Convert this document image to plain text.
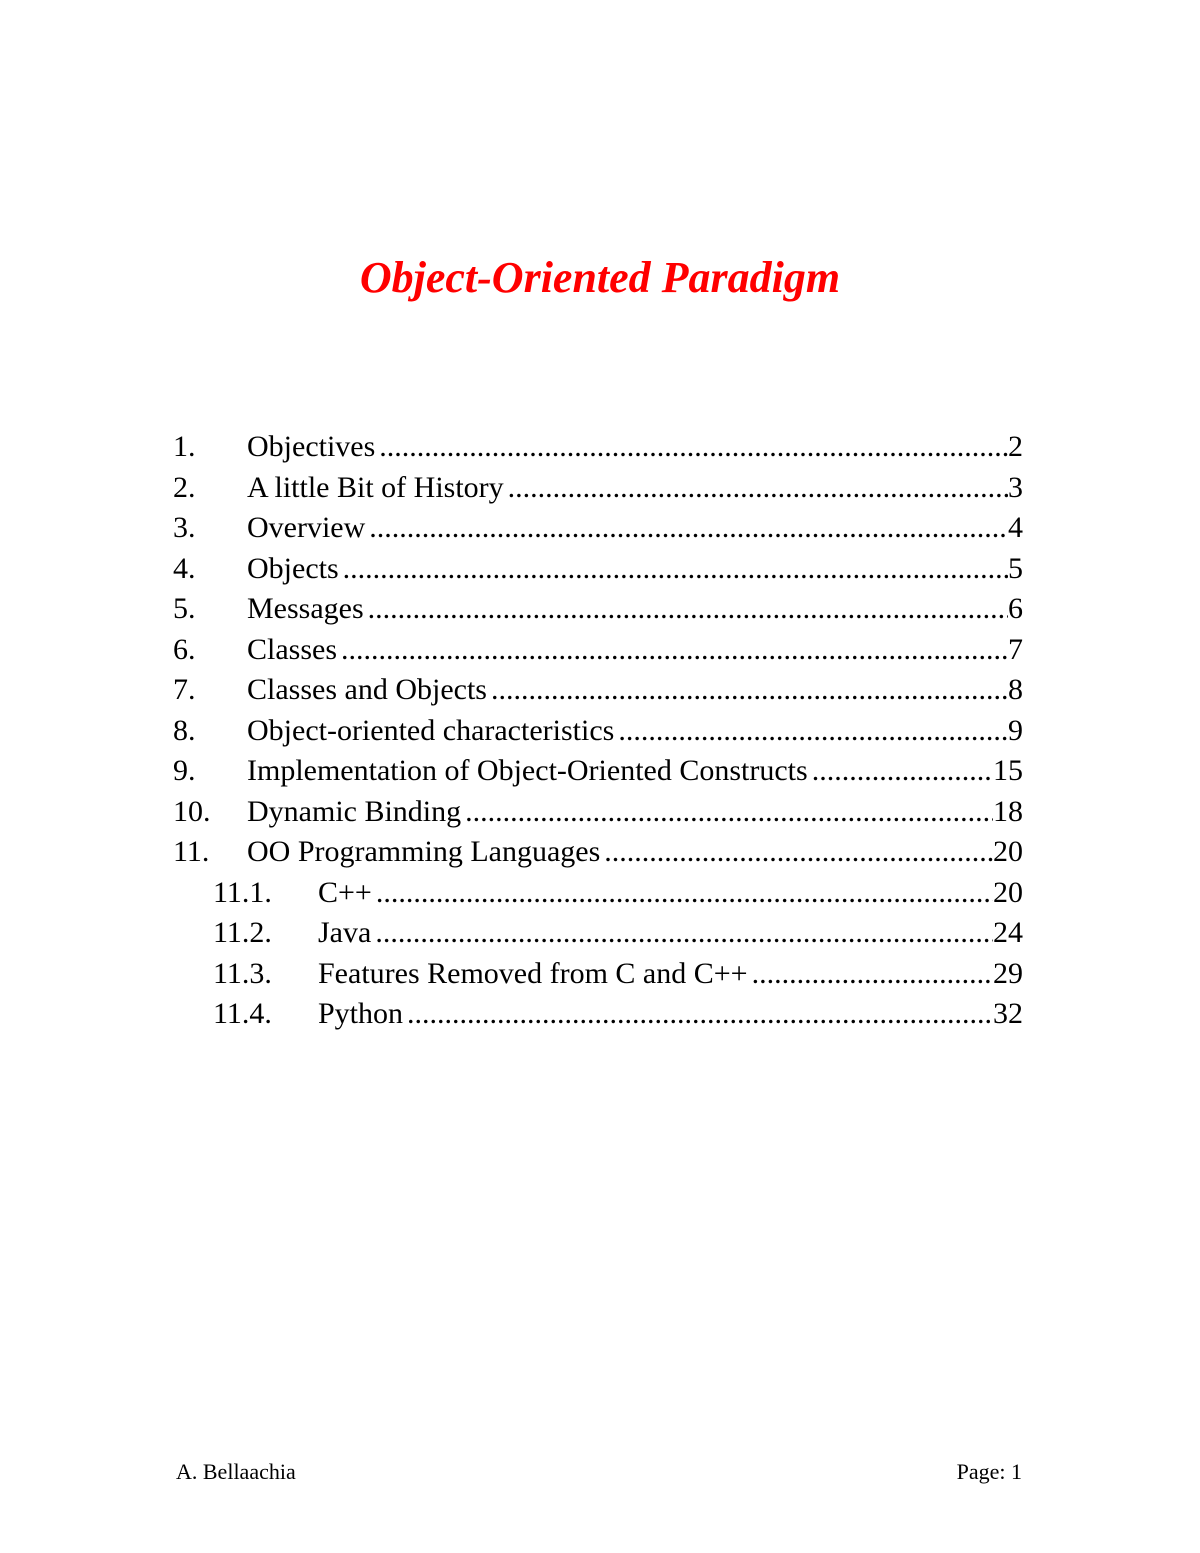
Object-Oriented Paradigm
1.	Objectives .....	2
2.	A little Bit of History .....	3
3.	Overview .....	4
4.	Objects .....	5
5.	Messages .....	6
6.	Classes .....	7
7.	Classes and Objects .....	8
8.	Object-oriented characteristics .....	9
9.	Implementation of Object-Oriented Constructs .....	15
10.	Dynamic Binding .....	18
11.	OO Programming Languages .....	20
11.1.	C++ .....	20
11.2.	Java .....	24
11.3.	Features Removed from C and C++ .....	29
11.4.	Python .....	32
A. Bellaachia	Page: 1
